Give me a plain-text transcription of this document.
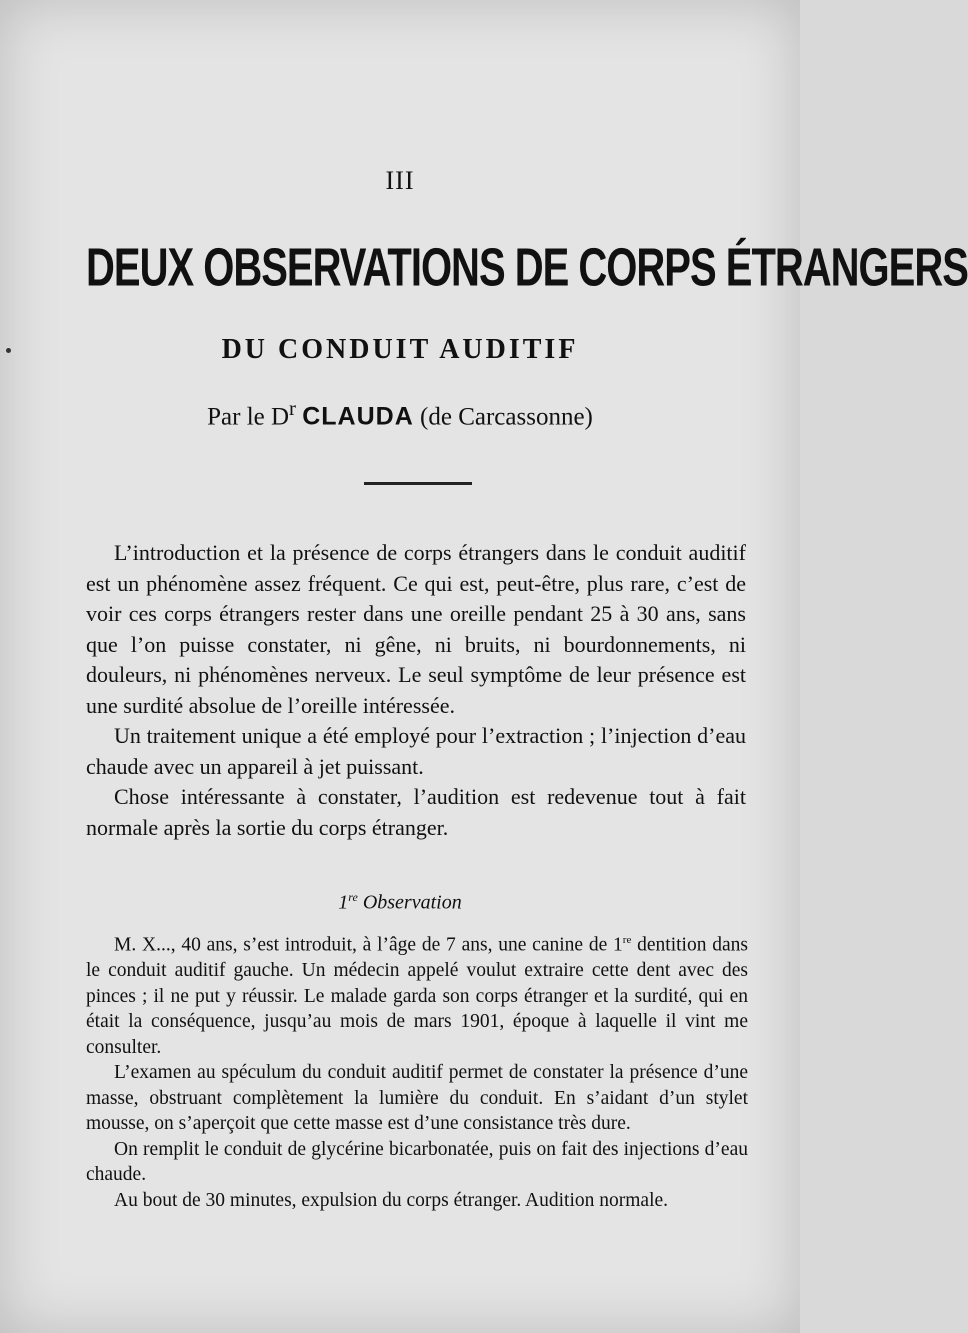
III
DEUX OBSERVATIONS DE CORPS ÉTRANGERS
DU CONDUIT AUDITIF
Par le $D^r$ CLAUDA (de Carcassonne)

L’introduction et la présence de corps étrangers dans le conduit auditif est un phénomène assez fréquent. Ce qui est, peut-être, plus rare, c’est de voir ces corps étrangers rester dans une oreille pendant 25 à 30 ans, sans que l’on puisse constater, ni gêne, ni bruits, ni bourdonnements, ni douleurs, ni phénomènes nerveux. Le seul symptôme de leur présence est une surdité absolue de l’oreille intéressée.

Un traitement unique a été employé pour l’extraction ; l’injection d’eau chaude avec un appareil à jet puissant.

Chose intéressante à constater, l’audition est redevenue tout à fait normale après la sortie du corps étranger.

1re Observation

M. X..., 40 ans, s’est introduit, à l’âge de 7 ans, une canine de 1re dentition dans le conduit auditif gauche. Un médecin appelé voulut extraire cette dent avec des pinces ; il ne put y réussir. Le malade garda son corps étranger et la surdité, qui en était la conséquence, jusqu’au mois de mars 1901, époque à laquelle il vint me consulter.

L’examen au spéculum du conduit auditif permet de constater la présence d’une masse, obstruant complètement la lumière du conduit. En s’aidant d’un stylet mousse, on s’aperçoit que cette masse est d’une consistance très dure.

On remplit le conduit de glycérine bicarbonatée, puis on fait des injections d’eau chaude.

Au bout de 30 minutes, expulsion du corps étranger. Audition normale.
